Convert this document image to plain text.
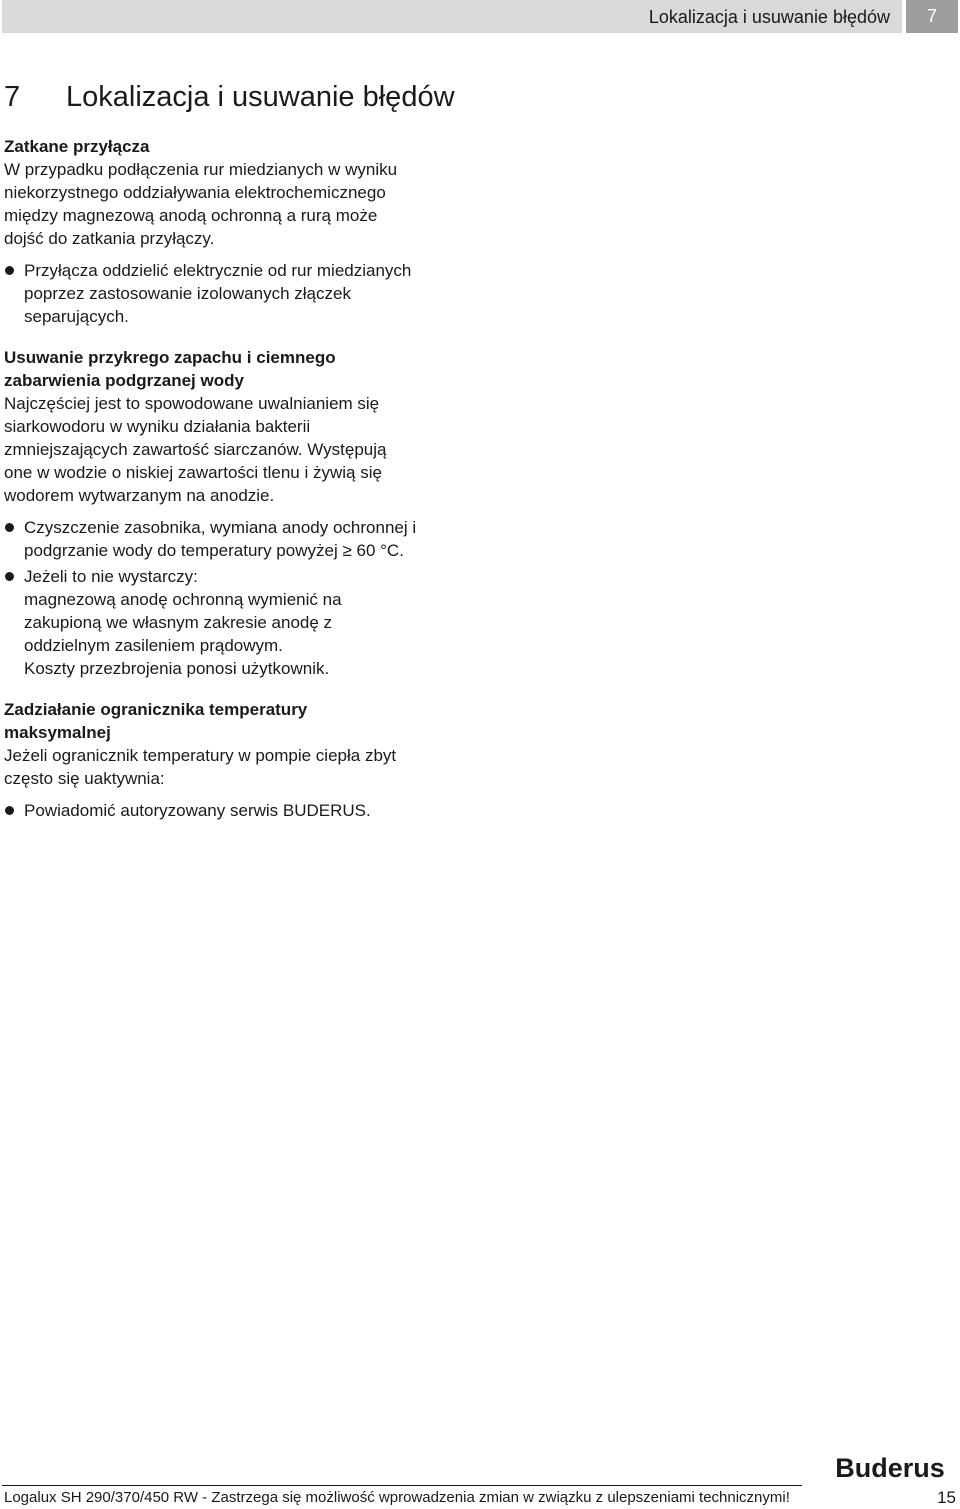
Lokalizacja i usuwanie błędów	7
7 Lokalizacja i usuwanie błędów
Zatkane przyłącza

W przypadku podłączenia rur miedzianych w wyniku
niekorzystnego oddziaływania elektrochemicznego
między magnezową anodą ochronną a rurą może
dojść do zatkania przyłączy.

Przyłącza oddzielić elektrycznie od rur miedzianych
poprzez zastosowanie izolowanych złączek
separujących.
Usuwanie przykrego zapachu i ciemnego
zabarwienia podgrzanej wody

Najczęściej jest to spowodowane uwalnianiem się
siarkowodoru w wyniku działania bakterii
zmniejszających zawartość siarczanów. Występują
one w wodzie o niskiej zawartości tlenu i żywią się
wodorem wytwarzanym na anodzie.

Czyszczenie zasobnika, wymiana anody ochronnej i
podgrzanie wody do temperatury powyżej ≥ 60 °C.
Jeżeli to nie wystarczy:
magnezową anodę ochronną wymienić na
zakupioną we własnym zakresie anodę z
oddzielnym zasileniem prądowym.
Koszty przezbrojenia ponosi użytkownik.
Zadziałanie ogranicznika temperatury
maksymalnej

Jeżeli ogranicznik temperatury w pompie ciepła zbyt
często się uaktywnia:

Powiadomić autoryzowany serwis BUDERUS.
Buderus
Logalux SH 290/370/450 RW - Zastrzega się możliwość wprowadzenia zmian w związku z ulepszeniami technicznymi!	15
